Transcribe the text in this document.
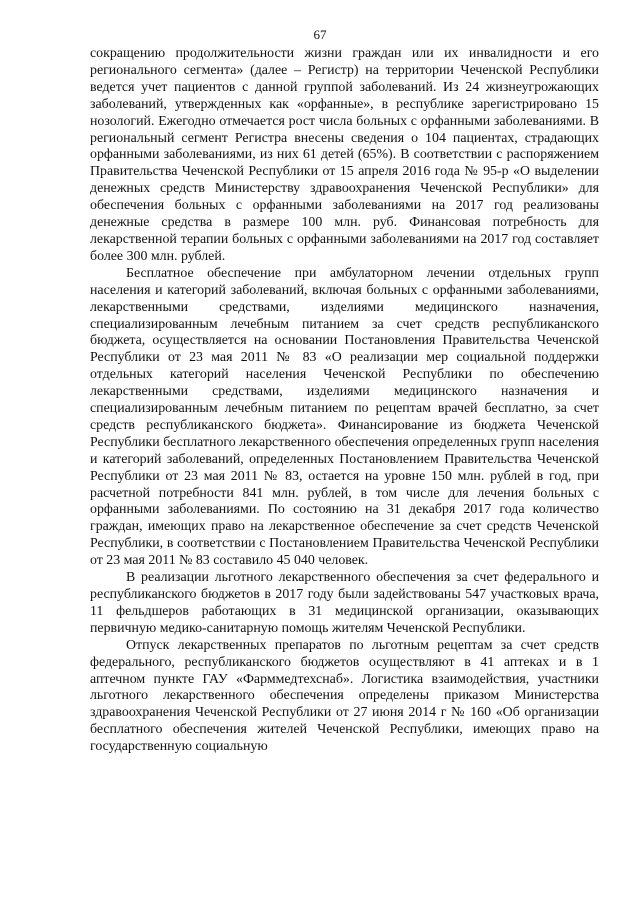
67

сокращению продолжительности жизни граждан или их инвалидности и его регионального сегмента» (далее – Регистр) на территории Чеченской Республики ведется учет пациентов с данной группой заболеваний. Из 24 жизнеугрожающих заболеваний, утвержденных как «орфанные», в республике зарегистрировано 15 нозологий. Ежегодно отмечается рост числа больных с орфанными заболеваниями. В региональный сегмент Регистра внесены сведения о 104 пациентах, страдающих орфанными заболеваниями, из них 61 детей (65%). В соответствии с распоряжением Правительства Чеченской Республики от 15 апреля 2016 года № 95-р «О выделении денежных средств Министерству здравоохранения Чеченской Республики» для обеспечения больных с орфанными заболеваниями на 2017 год реализованы денежные средства в размере 100 млн. руб. Финансовая потребность для лекарственной терапии больных с орфанными заболеваниями на 2017 год составляет более 300 млн. рублей.

Бесплатное обеспечение при амбулаторном лечении отдельных групп населения и категорий заболеваний, включая больных с орфанными заболеваниями, лекарственными средствами, изделиями медицинского назначения, специализированным лечебным питанием за счет средств республиканского бюджета, осуществляется на основании Постановления Правительства Чеченской Республики от 23 мая 2011 № 83 «О реализации мер социальной поддержки отдельных категорий населения Чеченской Республики по обеспечению лекарственными средствами, изделиями медицинского назначения и специализированным лечебным питанием по рецептам врачей бесплатно, за счет средств республиканского бюджета». Финансирование из бюджета Чеченской Республики бесплатного лекарственного обеспечения определенных групп населения и категорий заболеваний, определенных Постановлением Правительства Чеченской Республики от 23 мая 2011 № 83, остается на уровне 150 млн. рублей в год, при расчетной потребности 841 млн. рублей, в том числе для лечения больных с орфанными заболеваниями. По состоянию на 31 декабря 2017 года количество граждан, имеющих право на лекарственное обеспечение за счет средств Чеченской Республики, в соответствии с Постановлением Правительства Чеченской Республики от 23 мая 2011 № 83 составило 45 040 человек.

В реализации льготного лекарственного обеспечения за счет федерального и республиканского бюджетов в 2017 году были задействованы 547 участковых врача, 11 фельдшеров работающих в 31 медицинской организации, оказывающих первичную медико-санитарную помощь жителям Чеченской Республики.

Отпуск лекарственных препаратов по льготным рецептам за счет средств федерального, республиканского бюджетов осуществляют в 41 аптеках и в 1 аптечном пункте ГАУ «Фарммедтехснаб». Логистика взаимодействия, участники льготного лекарственного обеспечения определены приказом Министерства здравоохранения Чеченской Республики от 27 июня 2014 г № 160 «Об организации бесплатного обеспечения жителей Чеченской Республики, имеющих право на государственную социальную
